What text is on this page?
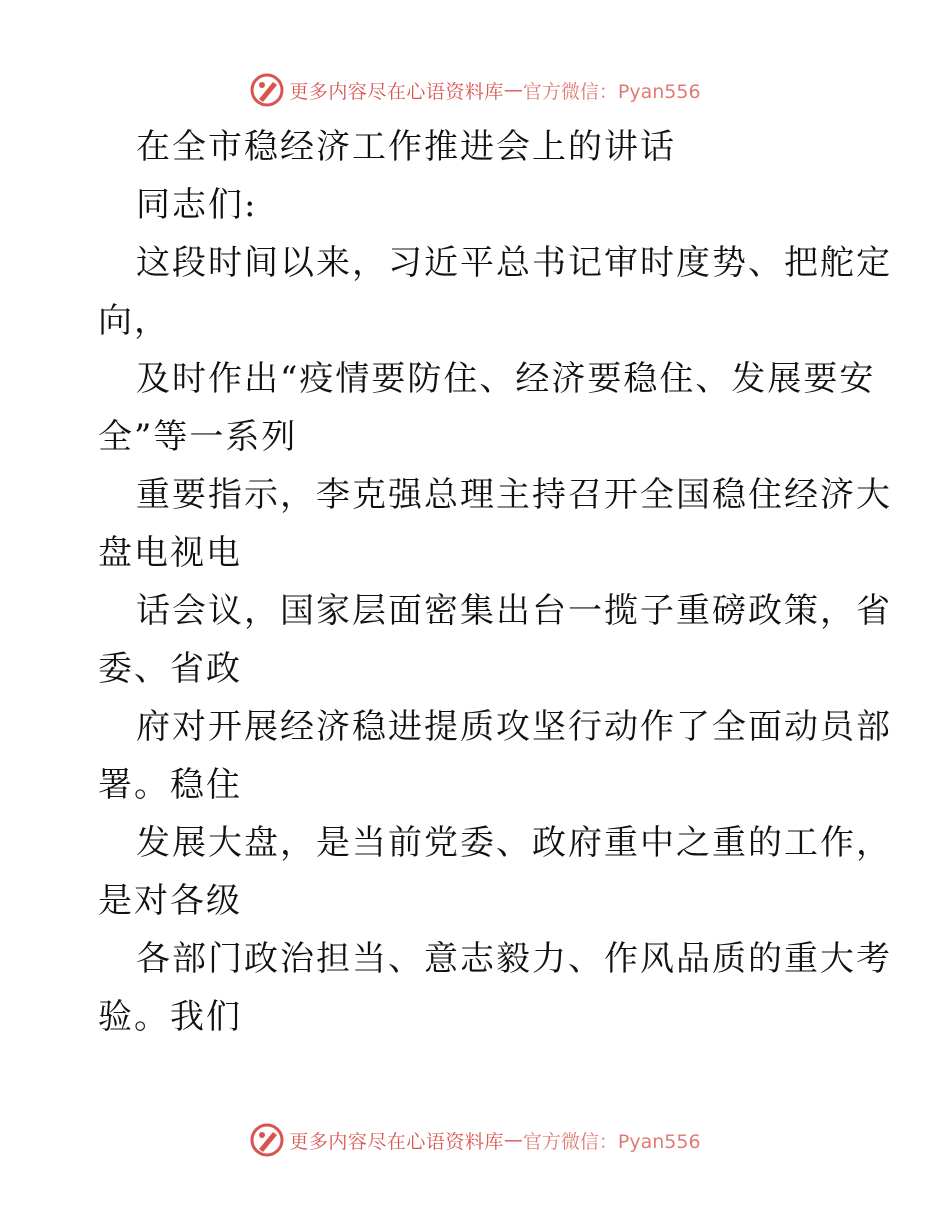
更多内容尽在心语资料库 — 官方微信：Pyan556
在全市稳经济工作推进会上的讲话
同志们:
这段时间以来，习近平总书记审时度势、把舵定
向，
及时作出“疫情要防住、经济要稳住、发展要安
全”等一系列
重要指示，李克强总理主持召开全国稳住经济大
盘电视电
话会议，国家层面密集出台一揽子重磅政策，省
委、省政
府对开展经济稳进提质攻坚行动作了全面动员部
署。稳住
发展大盘，是当前党委、政府重中之重的工作，
是对各级
各部门政治担当、意志毅力、作风品质的重大考
验。我们
更多内容尽在心语资料库 — 官方微信：Pyan556
